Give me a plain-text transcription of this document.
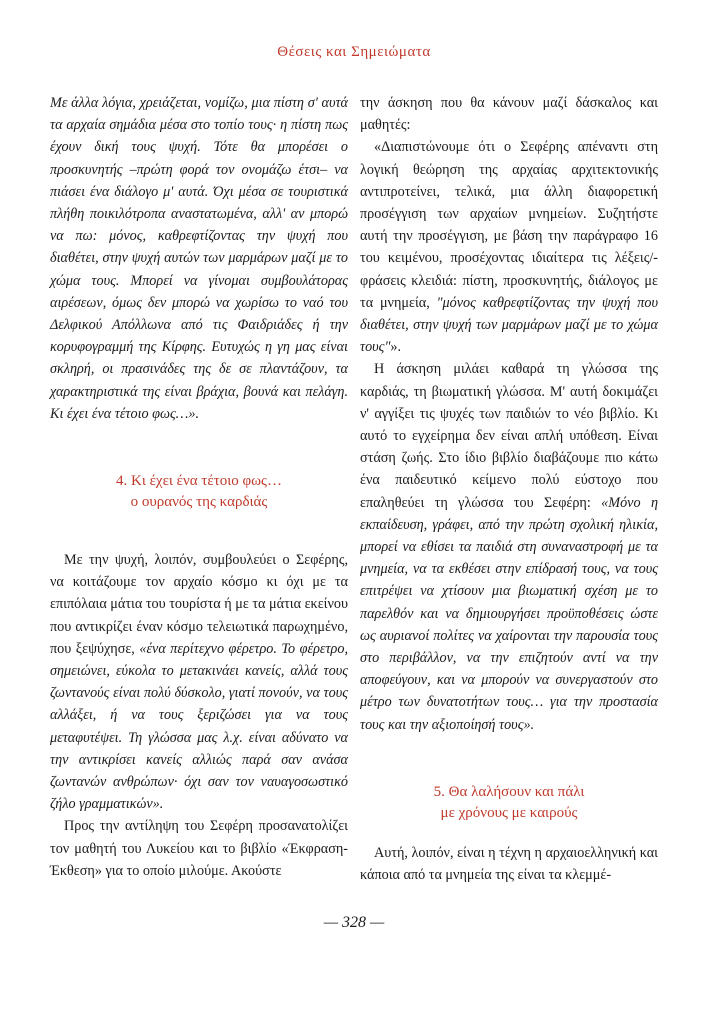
Θέσεις και Σημειώματα

Με άλλα λόγια, χρειάζεται, νομίζω, μια πίστη σ' αυτά τα αρχαία σημάδια μέσα στο τοπίο τους· η πίστη πως έχουν δική τους ψυχή. Τότε θα μπορέσει ο προσκυνητής –πρώτη φορά τον ονομάζω έτσι– να πιάσει ένα διάλογο μ' αυτά. Όχι μέσα σε τουριστικά πλήθη ποικιλότροπα αναστατωμένα, αλλ' αν μπορώ να πω: μόνος, καθρεφτίζοντας την ψυχή που διαθέτει, στην ψυχή αυτών των μαρμάρων μαζί με το χώμα τους. Μπορεί να γίνομαι συμβουλάτορας αιρέσεων, όμως δεν μπορώ να χωρίσω το ναό του Δελφικού Απόλλωνα από τις Φαιδριάδες ή την κορυφογραμμή της Κίρφης. Ευτυχώς η γη μας είναι σκληρή, οι πρασινάδες της δε σε πλαντάζουν, τα χαρακτηριστικά της είναι βράχια, βουνά και πελάγη. Κι έχει ένα τέτοιο φως…».

4. Κι έχει ένα τέτοιο φως…
ο ουρανός της καρδιάς

Με την ψυχή, λοιπόν, συμβουλεύει ο Σεφέρης, να κοιτάζουμε τον αρχαίο κόσμο κι όχι με τα επιπόλαια μάτια του τουρίστα ή με τα μάτια εκείνου που αντικρίζει έναν κόσμο τελειωτικά παρωχημένο, που ξεψύχησε, «ένα περίτεχνο φέρετρο. Το φέρετρο, σημειώνει, εύκολα το μετακινάει κανείς, αλλά τους ζωντανούς είναι πολύ δύσκολο, γιατί πονούν, να τους αλλάξει, ή να τους ξεριζώσει για να τους μεταφυτέψει. Τη γλώσσα μας λ.χ. είναι αδύνατο να την αντικρίσει κανείς αλλιώς παρά σαν ανάσα ζωντανών ανθρώπων· όχι σαν τον ναυαγοσωστικό ζήλο γραμματικών».

Προς την αντίληψη του Σεφέρη προσανατολίζει τον μαθητή του Λυκείου και το βιβλίο «Έκφραση-Έκθεση» για το οποίο μιλούμε. Ακούστε

την άσκηση που θα κάνουν μαζί δάσκαλος και μαθητές:

«Διαπιστώνουμε ότι ο Σεφέρης απέναντι στη λογική θεώρηση της αρχαίας αρχιτεκτονικής αντιπροτείνει, τελικά, μια άλλη διαφορετική προσέγγιση των αρχαίων μνημείων. Συζητήστε αυτή την προσέγγιση, με βάση την παράγραφο 16 του κειμένου, προσέχοντας ιδιαίτερα τις λέξεις/-φράσεις κλειδιά: πίστη, προσκυνητής, διάλογος με τα μνημεία, "μόνος καθρεφτίζοντας την ψυχή που διαθέτει, στην ψυχή των μαρμάρων μαζί με το χώμα τους"».

Η άσκηση μιλάει καθαρά τη γλώσσα της καρδιάς, τη βιωματική γλώσσα. Μ' αυτή δοκιμάζει ν' αγγίξει τις ψυχές των παιδιών το νέο βιβλίο. Κι αυτό το εγχείρημα δεν είναι απλή υπόθεση. Είναι στάση ζωής. Στο ίδιο βιβλίο διαβάζουμε πιο κάτω ένα παιδευτικό κείμενο πολύ εύστοχο που επαληθεύει τη γλώσσα του Σεφέρη: «Μόνο η εκπαίδευση, γράφει, από την πρώτη σχολική ηλικία, μπορεί να εθίσει τα παιδιά στη συναναστροφή με τα μνημεία, να τα εκθέσει στην επίδρασή τους, να τους επιτρέψει να χτίσουν μια βιωματική σχέση με το παρελθόν και να δημιουργήσει προϋποθέσεις ώστε ως αυριανοί πολίτες να χαίρονται την παρουσία τους στο περιβάλλον, να την επιζητούν αντί να την αποφεύγουν, και να μπορούν να συνεργαστούν στο μέτρο των δυνατοτήτων τους… για την προστασία τους και την αξιοποίησή τους».

5. Θα λαλήσουν και πάλι
με χρόνους με καιρούς

Αυτή, λοιπόν, είναι η τέχνη η αρχαιοελληνική και κάποια από τα μνημεία της είναι τα κλεμμέ-

— 328 —
